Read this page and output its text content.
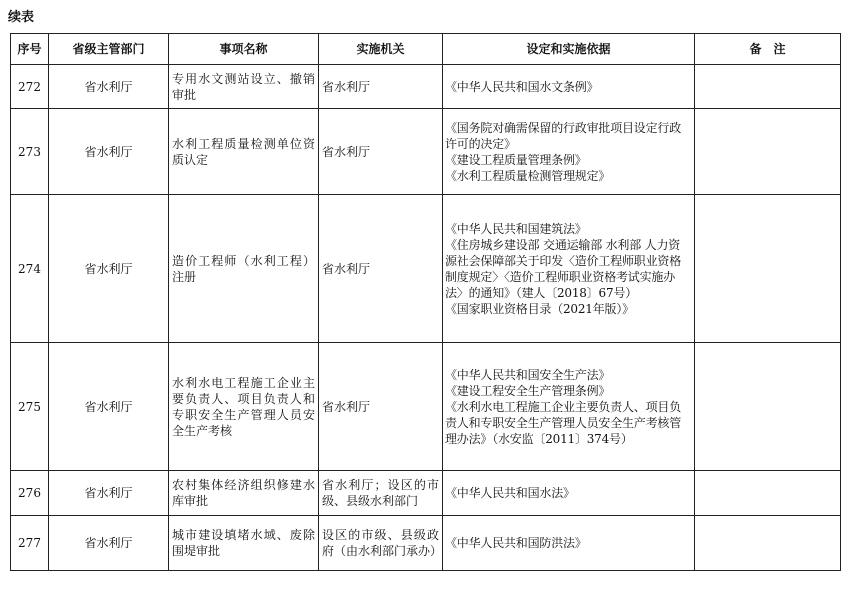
续表
序号	省级主管部门	事项名称	实施机关	设定和实施依据	备　注
272	省水利厅	专用水文测站设立、撤销审批	省水利厅	《中华人民共和国水文条例》	

273	省水利厅	水利工程质量检测单位资质认定	省水利厅	《国务院对确需保留的行政审批项目设定行政许可的决定》
《建设工程质量管理条例》
《水利工程质量检测管理规定》	

274	省水利厅	造价工程师（水利工程）注册	省水利厅	《中华人民共和国建筑法》
《住房城乡建设部 交通运输部 水利部 人力资源社会保障部关于印发〈造价工程师职业资格制度规定〉〈造价工程师职业资格考试实施办法〉的通知》（建人〔2018〕67号）
《国家职业资格目录（2021年版）》	

275	省水利厅	水利水电工程施工企业主要负责人、项目负责人和专职安全生产管理人员安全生产考核	省水利厅	《中华人民共和国安全生产法》
《建设工程安全生产管理条例》
《水利水电工程施工企业主要负责人、项目负责人和专职安全生产管理人员安全生产考核管理办法》（水安监〔2011〕374号）	

276	省水利厅	农村集体经济组织修建水库审批	省水利厅；设区的市级、县级水利部门	《中华人民共和国水法》	

277	省水利厅	城市建设填堵水域、废除围堤审批	设区的市级、县级政府（由水利部门承办）	《中华人民共和国防洪法》	
